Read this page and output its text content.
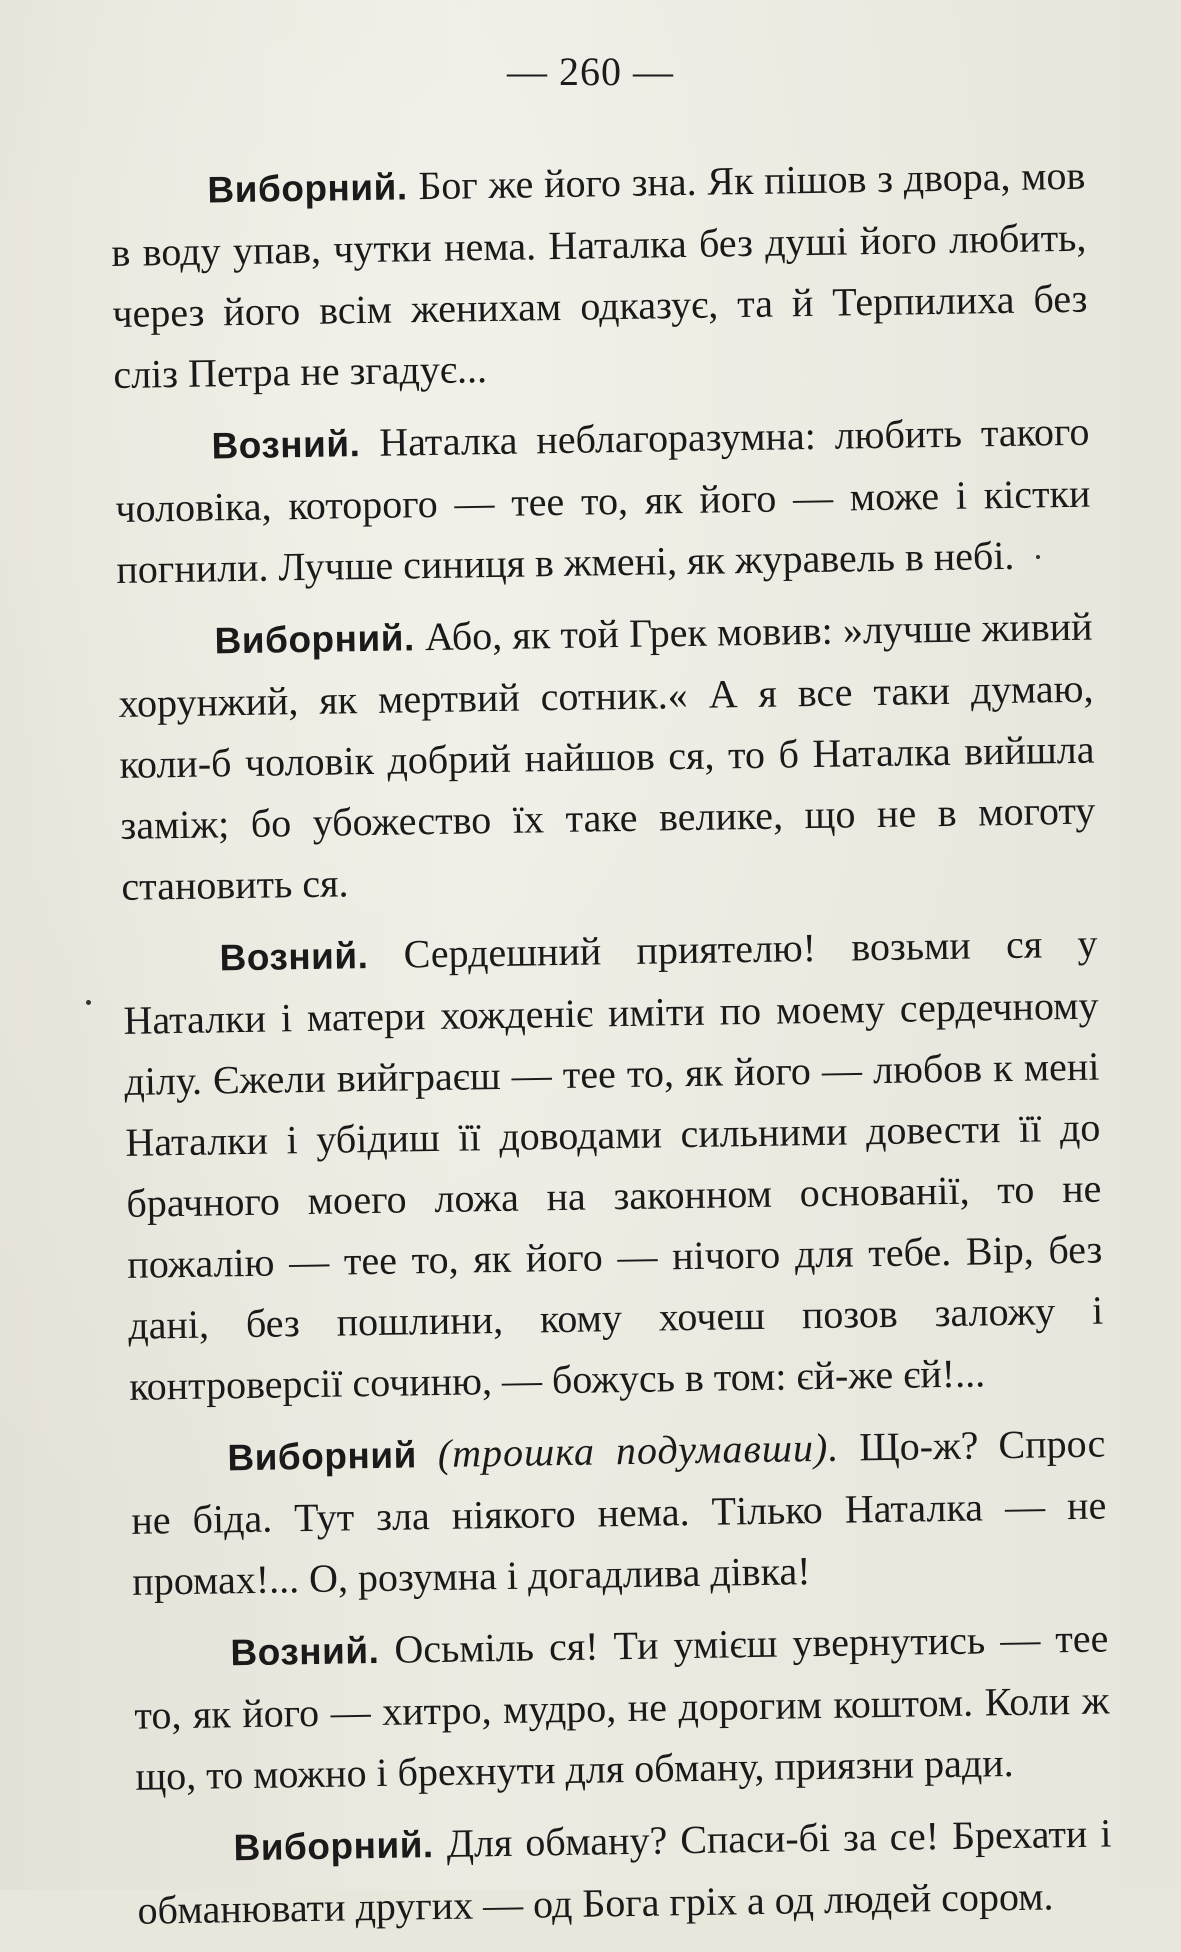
— 260 —

Виборний. Бог же його зна. Як пішов з двора, мов в воду упав, чутки нема. Наталка без душі його любить, через його всім женихам одказує, та й Терпилиха без сліз Петра не згадує...

Возний. Наталка неблагоразумна: любить такого чоловіка, которого — тее то, як його — може і кістки погнили. Лучше синиця в жмені, як журавель в небі.

Виборний. Або, як той Грек мовив: »лучше живий хорунжий, як мертвий сотник.« А я все таки думаю, коли-б чоловік добрий найшов ся, то б Наталка вийшла заміж; бо убожество їх таке велике, що не в моготу становить ся.

Возний. Сердешний приятелю! возьми ся у Наталки і матери хожденіє иміти по моему сердечному ділу. Єжели вийграєш — тее то, як його — любов к мені Наталки і убідиш її доводами сильними довести її до брачного моего ложа на законном основанії, то не пожалію — тее то, як його — нічого для тебе. Вір, без дані, без пошлини, кому хочеш позов заложу і контроверсії сочиню, — божусь в том: єй-же єй!...

Виборний (трошка подумавши). Що-ж? Спрос не біда. Тут зла ніякого нема. Тілько Наталка — не промах!... О, розумна і догадлива дівка!

Возний. Осьміль ся! Ти умієш увернутись — тее то, як його — хитро, мудро, не дорогим коштом. Коли ж що, то можно і брехнути для обману, приязни ради.

Виборний. Для обману? Спаси-бі за се! Брехати і обманювати других — од Бога гріх а од людей сором.
